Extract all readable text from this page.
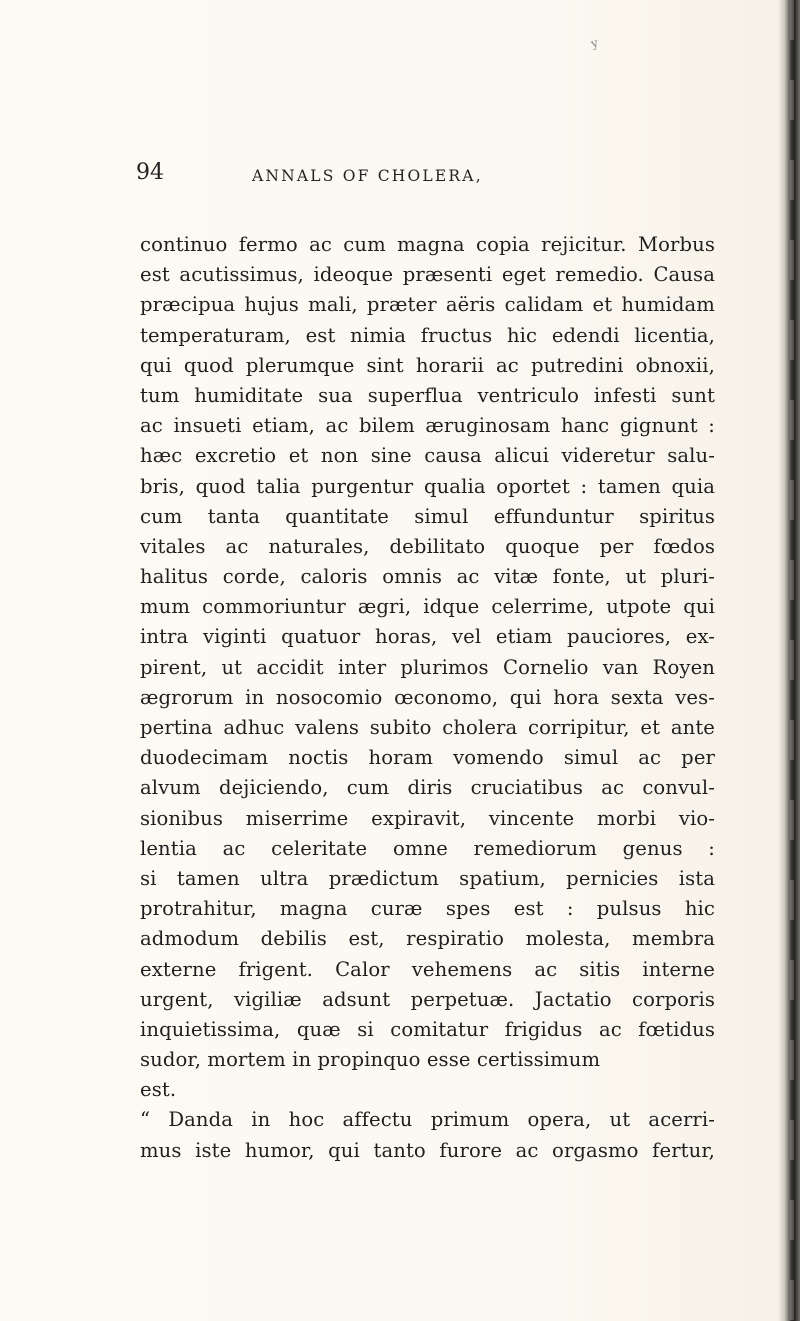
y
94	ANNALS OF CHOLERA,
continuo fermo ac cum magna copia rejicitur. Morbus
est acutissimus, ideoque præsenti eget remedio. Causa
præcipua hujus mali, præter aëris calidam et humidam
temperaturam, est nimia fructus hic edendi licentia,
qui quod plerumque sint horarii ac putredini obnoxii,
tum humiditate sua superflua ventriculo infesti sunt
ac insueti etiam, ac bilem æruginosam hanc gignunt :
hæc excretio et non sine causa alicui videretur salu-
bris, quod talia purgentur qualia oportet : tamen quia
cum tanta quantitate simul effunduntur spiritus
vitales ac naturales, debilitato quoque per fœdos
halitus corde, caloris omnis ac vitæ fonte, ut pluri-
mum commoriuntur ægri, idque celerrime, utpote qui
intra viginti quatuor horas, vel etiam pauciores, ex-
pirent, ut accidit inter plurimos Cornelio van Royen
ægrorum in nosocomio œconomo, qui hora sexta ves-
pertina adhuc valens subito cholera corripitur, et ante
duodecimam noctis horam vomendo simul ac per
alvum dejiciendo, cum diris cruciatibus ac convul-
sionibus miserrime expiravit, vincente morbi vio-
lentia ac celeritate omne remediorum genus :
si tamen ultra prædictum spatium, pernicies ista
protrahitur, magna curæ spes est : pulsus hic
admodum debilis est, respiratio molesta, membra
externe frigent. Calor vehemens ac sitis interne
urgent, vigiliæ adsunt perpetuæ. Jactatio corporis
inquietissima, quæ si comitatur frigidus ac fœtidus
sudor, mortem in propinquo esse certissimum
est.
“ Danda in hoc affectu primum opera, ut acerri-
mus iste humor, qui tanto furore ac orgasmo fertur,
